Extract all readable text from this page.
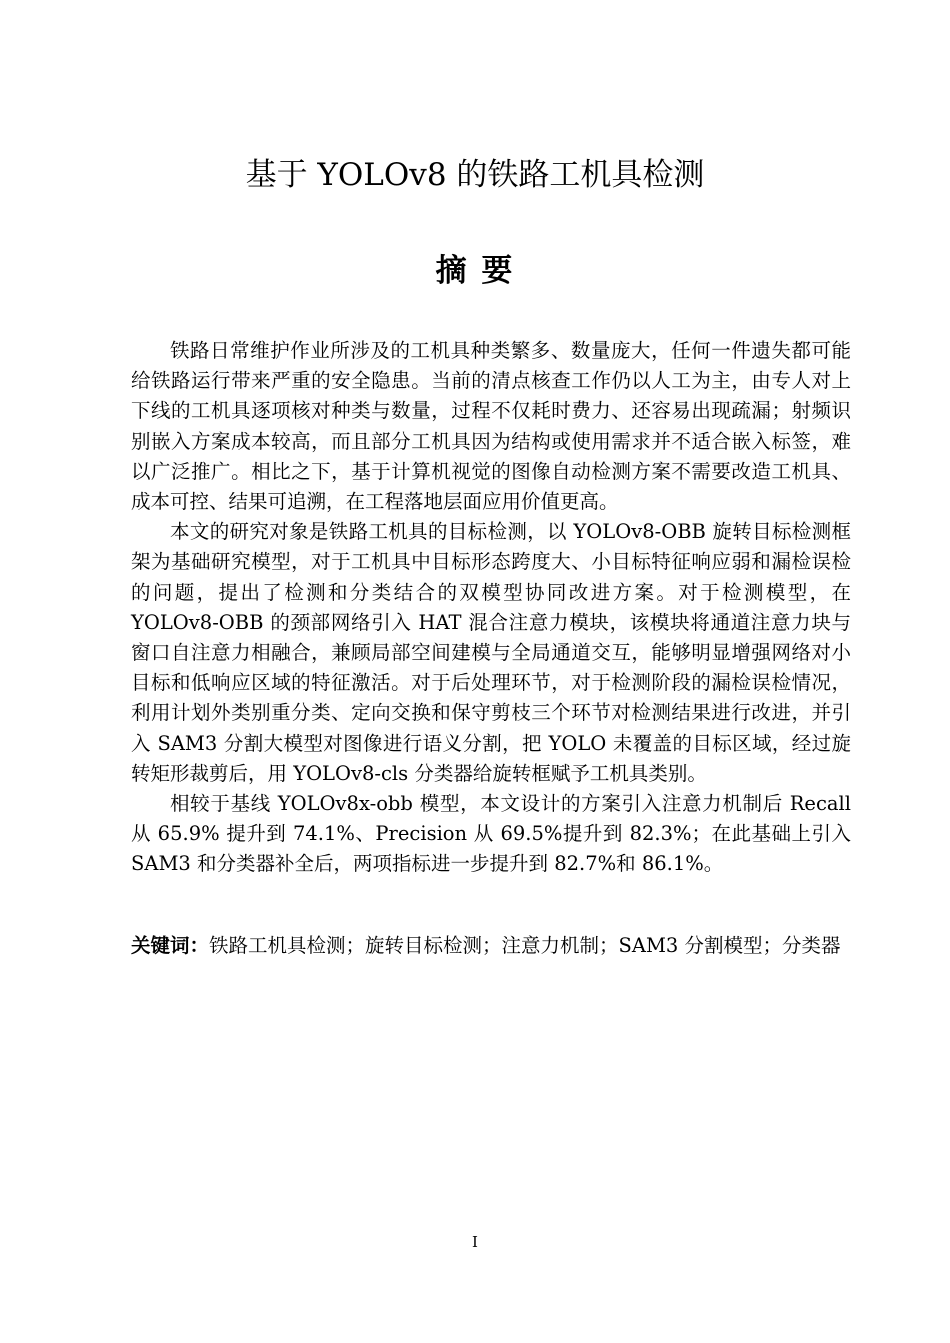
基于 YOLOv8 的铁路工机具检测
摘 要

铁路日常维护作业所涉及的工机具种类繁多、数量庞大，任何一件遗失都可能给铁路运行带来严重的安全隐患。当前的清点核查工作仍以人工为主，由专人对上下线的工机具逐项核对种类与数量，过程不仅耗时费力、还容易出现疏漏；射频识别嵌入方案成本较高，而且部分工机具因为结构或使用需求并不适合嵌入标签，难以广泛推广。相比之下，基于计算机视觉的图像自动检测方案不需要改造工机具、成本可控、结果可追溯，在工程落地层面应用价值更高。

本文的研究对象是铁路工机具的目标检测，以 YOLOv8-OBB 旋转目标检测框架为基础研究模型，对于工机具中目标形态跨度大、小目标特征响应弱和漏检误检的问题，提出了检测和分类结合的双模型协同改进方案。对于检测模型，在 YOLOv8-OBB 的颈部网络引入 HAT 混合注意力模块，该模块将通道注意力块与窗口自注意力相融合，兼顾局部空间建模与全局通道交互，能够明显增强网络对小目标和低响应区域的特征激活。对于后处理环节，对于检测阶段的漏检误检情况，利用计划外类别重分类、定向交换和保守剪枝三个环节对检测结果进行改进，并引入 SAM3 分割大模型对图像进行语义分割，把 YOLO 未覆盖的目标区域，经过旋转矩形裁剪后，用 YOLOv8-cls 分类器给旋转框赋予工机具类别。

相较于基线 YOLOv8x-obb 模型，本文设计的方案引入注意力机制后 Recall 从 65.9% 提升到 74.1%、Precision 从 69.5%提升到 82.3%；在此基础上引入 SAM3 和分类器补全后，两项指标进一步提升到 82.7%和 86.1%。

关键词：铁路工机具检测；旋转目标检测；注意力机制；SAM3 分割模型；分类器
I
